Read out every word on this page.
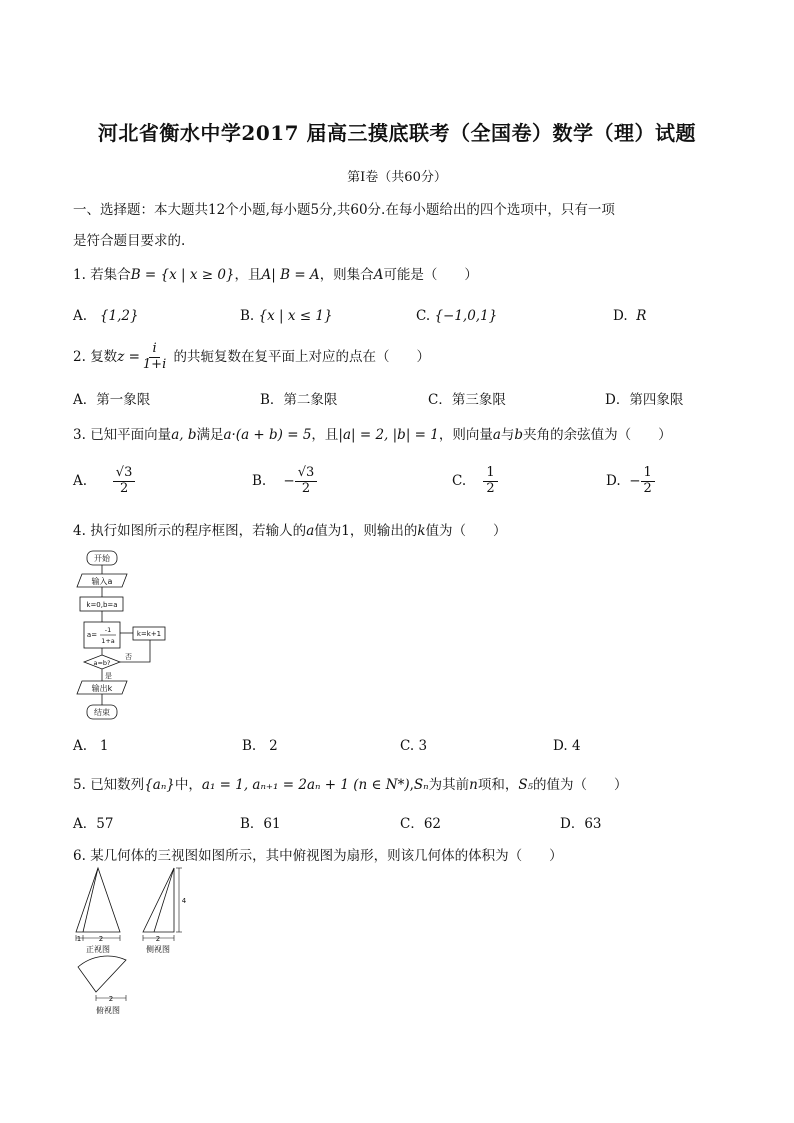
河北省衡水中学2017 届高三摸底联考（全国卷）数学（理）试题
第Ⅰ卷（共60分）
一、选择题：本大题共12个小题,每小题5分,共60分.在每小题给出的四个选项中，只有一项
是符合题目要求的.
1. 若集合B = {x | x ≥ 0}，且A| B = A，则集合A可能是（　　）
A. {1,2}	B. {x | x ≤ 1}	C. {−1,0,1}	D. R
2. 复数$z = \frac{i}{1+i}$ 的共轭复数在复平面上对应的点在（　　）
A．第一象限	B．第二象限	C．第三象限	D．第四象限
3. 已知平面向量a, b满足a·(a + b) = 5，且|a| = 2, |b| = 1，则向量a与b夹角的余弦值为（　　）
A. $\frac{√3}{2}$	B. − $\frac{√3}{2}$	C. $\frac{1}{2}$	D. − $\frac{1}{2}$
4. 执行如图所示的程序框图，若输人的a值为1，则输出的k值为（　　）
开始
输入a
k=0,b=a
a=
-1
1+a
k=k+1
a=b?
否
是
输出k
结束
A. 1	B. 2	C. 3	D. 4
5. 已知数列{aₙ}中，a₁ = 1, aₙ₊₁ = 2aₙ + 1 (n ∈ N*),Sₙ为其前n项和，S₅的值为（　　）
A．57	B．61	C．62	D．63
6. 某几何体的三视图如图所示，其中俯视图为扇形，则该几何体的体积为（　　）
1	2	2
4
2
正视图	侧视图
俯视图
